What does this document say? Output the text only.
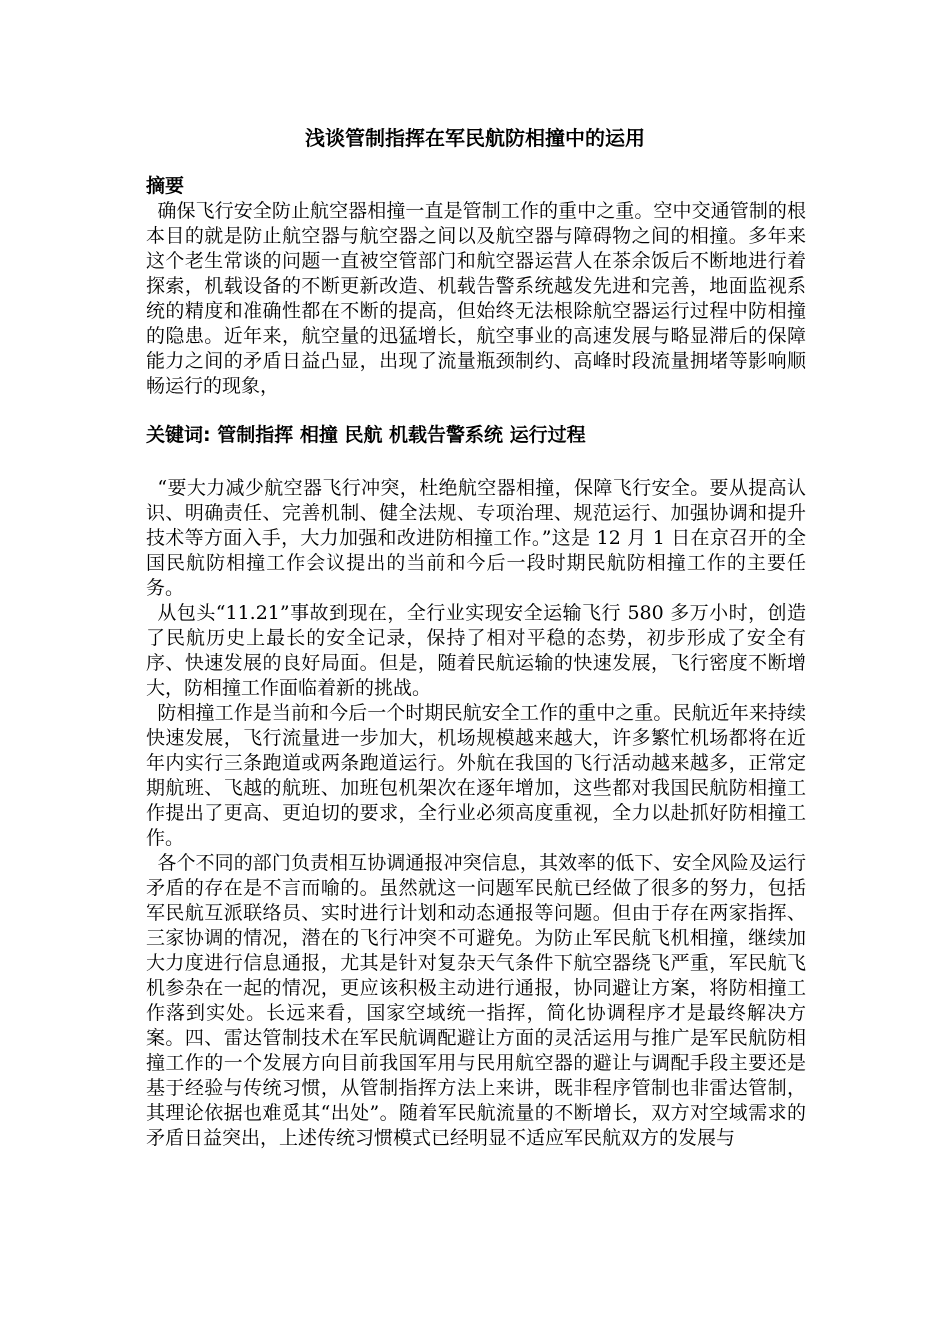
浅谈管制指挥在军民航防相撞中的运用

摘要

确保飞行安全防止航空器相撞一直是管制工作的重中之重。空中交通管制的根本目的就是防止航空器与航空器之间以及航空器与障碍物之间的相撞。多年来这个老生常谈的问题一直被空管部门和航空器运营人在茶余饭后不断地进行着探索，机载设备的不断更新改造、机载告警系统越发先进和完善，地面监视系统的精度和准确性都在不断的提高，但始终无法根除航空器运行过程中防相撞的隐患。近年来，航空量的迅猛增长，航空事业的高速发展与略显滞后的保障能力之间的矛盾日益凸显，出现了流量瓶颈制约、高峰时段流量拥堵等影响顺畅运行的现象，

关键词: 管制指挥 相撞 民航 机载告警系统 运行过程

“要大力减少航空器飞行冲突，杜绝航空器相撞，保障飞行安全。要从提高认识、明确责任、完善机制、健全法规、专项治理、规范运行、加强协调和提升技术等方面入手，大力加强和改进防相撞工作。”这是 12 月 1 日在京召开的全国民航防相撞工作会议提出的当前和今后一段时期民航防相撞工作的主要任务。

从包头“11.21”事故到现在，全行业实现安全运输飞行 580 多万小时，创造了民航历史上最长的安全记录，保持了相对平稳的态势，初步形成了安全有序、快速发展的良好局面。但是，随着民航运输的快速发展，飞行密度不断增大，防相撞工作面临着新的挑战。

防相撞工作是当前和今后一个时期民航安全工作的重中之重。民航近年来持续快速发展，飞行流量进一步加大，机场规模越来越大，许多繁忙机场都将在近年内实行三条跑道或两条跑道运行。外航在我国的飞行活动越来越多，正常定期航班、飞越的航班、加班包机架次在逐年增加，这些都对我国民航防相撞工作提出了更高、更迫切的要求，全行业必须高度重视，全力以赴抓好防相撞工作。

各个不同的部门负责相互协调通报冲突信息，其效率的低下、安全风险及运行矛盾的存在是不言而喻的。虽然就这一问题军民航已经做了很多的努力，包括军民航互派联络员、实时进行计划和动态通报等问题。但由于存在两家指挥、三家协调的情况，潜在的飞行冲突不可避免。为防止军民航飞机相撞，继续加大力度进行信息通报，尤其是针对复杂天气条件下航空器绕飞严重，军民航飞机参杂在一起的情况，更应该积极主动进行通报，协同避让方案，将防相撞工作落到实处。长远来看，国家空域统一指挥，简化协调程序才是最终解决方案。四、雷达管制技术在军民航调配避让方面的灵活运用与推广是军民航防相撞工作的一个发展方向目前我国军用与民用航空器的避让与调配手段主要还是基于经验与传统习惯，从管制指挥方法上来讲，既非程序管制也非雷达管制，其理论依据也难觅其“出处”。随着军民航流量的不断增长，双方对空域需求的矛盾日益突出，上述传统习惯模式已经明显不适应军民航双方的发展与
